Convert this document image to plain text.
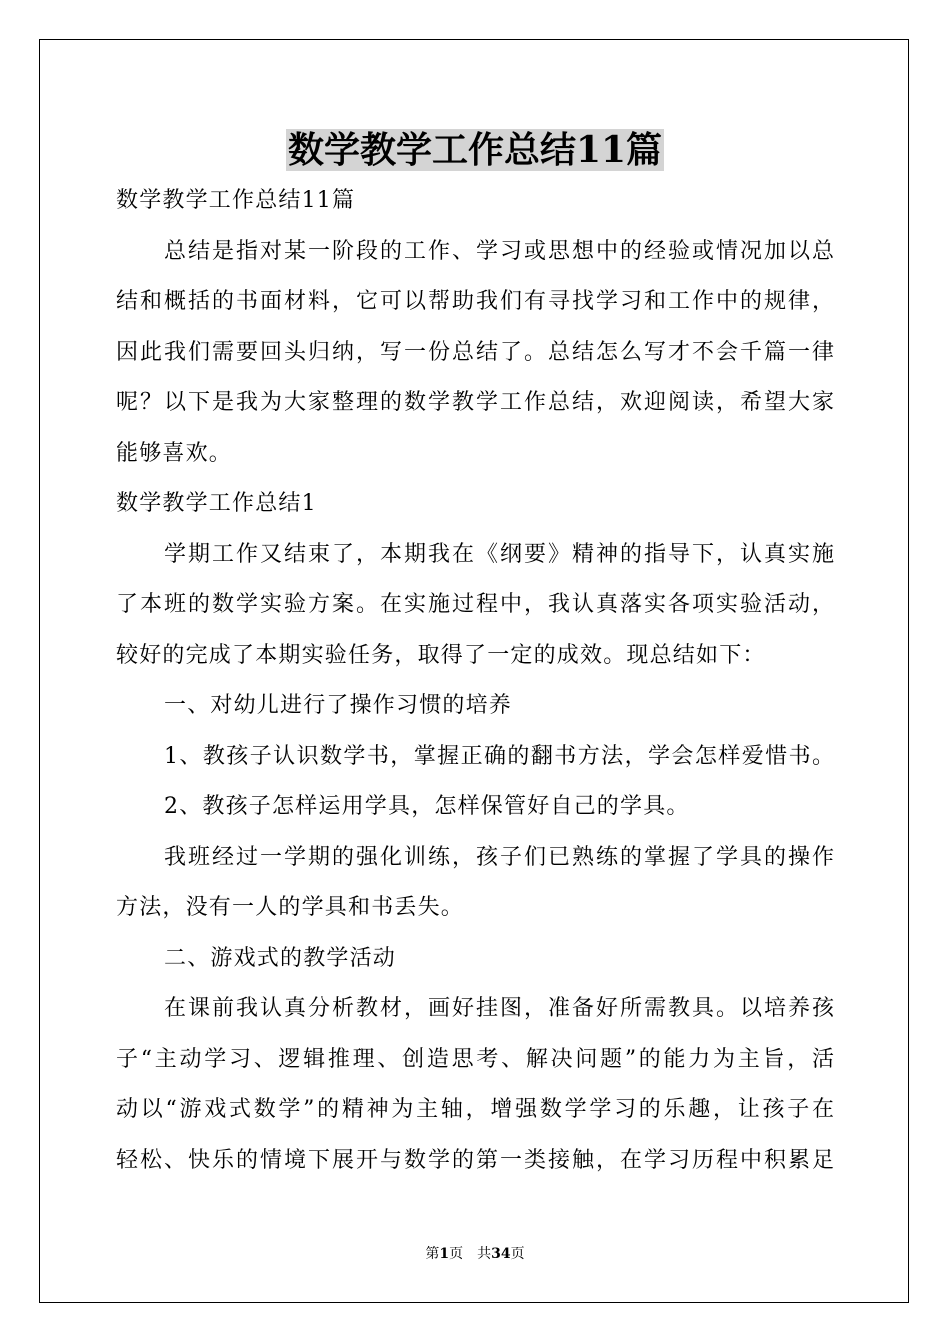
数学教学工作总结11篇
数学教学工作总结11篇
总结是指对某一阶段的工作、学习或思想中的经验或情况加以总
结和概括的书面材料，它可以帮助我们有寻找学习和工作中的规律，
因此我们需要回头归纳，写一份总结了。总结怎么写才不会千篇一律
呢？以下是我为大家整理的数学教学工作总结，欢迎阅读，希望大家
能够喜欢。
数学教学工作总结1
学期工作又结束了，本期我在《纲要》精神的指导下，认真实施
了本班的数学实验方案。在实施过程中，我认真落实各项实验活动，
较好的完成了本期实验任务，取得了一定的成效。现总结如下：
一、对幼儿进行了操作习惯的培养
1、教孩子认识数学书，掌握正确的翻书方法，学会怎样爱惜书。
2、教孩子怎样运用学具，怎样保管好自己的学具。
我班经过一学期的强化训练，孩子们已熟练的掌握了学具的操作
方法，没有一人的学具和书丢失。
二、游戏式的教学活动
在课前我认真分析教材，画好挂图，准备好所需教具。以培养孩
子“主动学习、逻辑推理、创造思考、解决问题”的能力为主旨，活
动以“游戏式数学”的精神为主轴，增强数学学习的乐趣，让孩子在
轻松、快乐的情境下展开与数学的第一类接触，在学习历程中积累足
第1页　共34页
